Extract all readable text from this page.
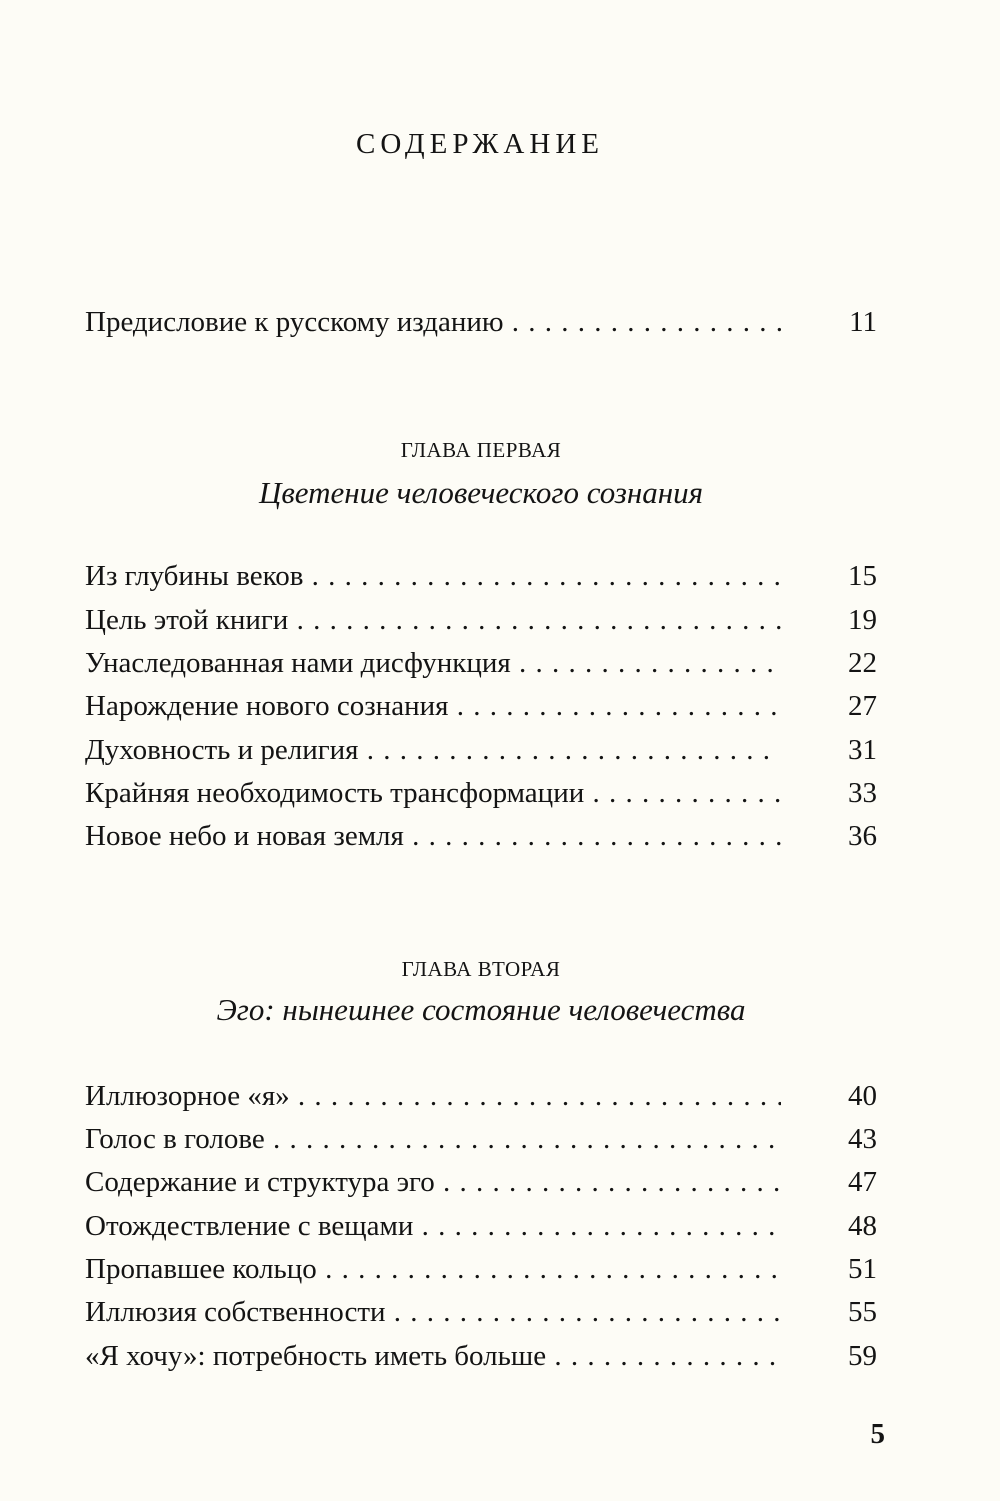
СОДЕРЖАНИЕ
Предисловие к русскому изданию . . .	11
ГЛАВА ПЕРВАЯ
Цветение человеческого сознания
Из глубины веков . . .	15
Цель этой книги . . .	19
Унаследованная нами дисфункция . . .	22
Нарождение нового сознания . . .	27
Духовность и религия . . .	31
Крайняя необходимость трансформации . . .	33
Новое небо и новая земля . . .	36
ГЛАВА ВТОРАЯ
Эго: нынешнее состояние человечества
Иллюзорное «я» . . .	40
Голос в голове . . .	43
Содержание и структура эго . . .	47
Отождествление с вещами . . .	48
Пропавшее кольцо . . .	51
Иллюзия собственности . . .	55
«Я хочу»: потребность иметь больше . . .	59
5
